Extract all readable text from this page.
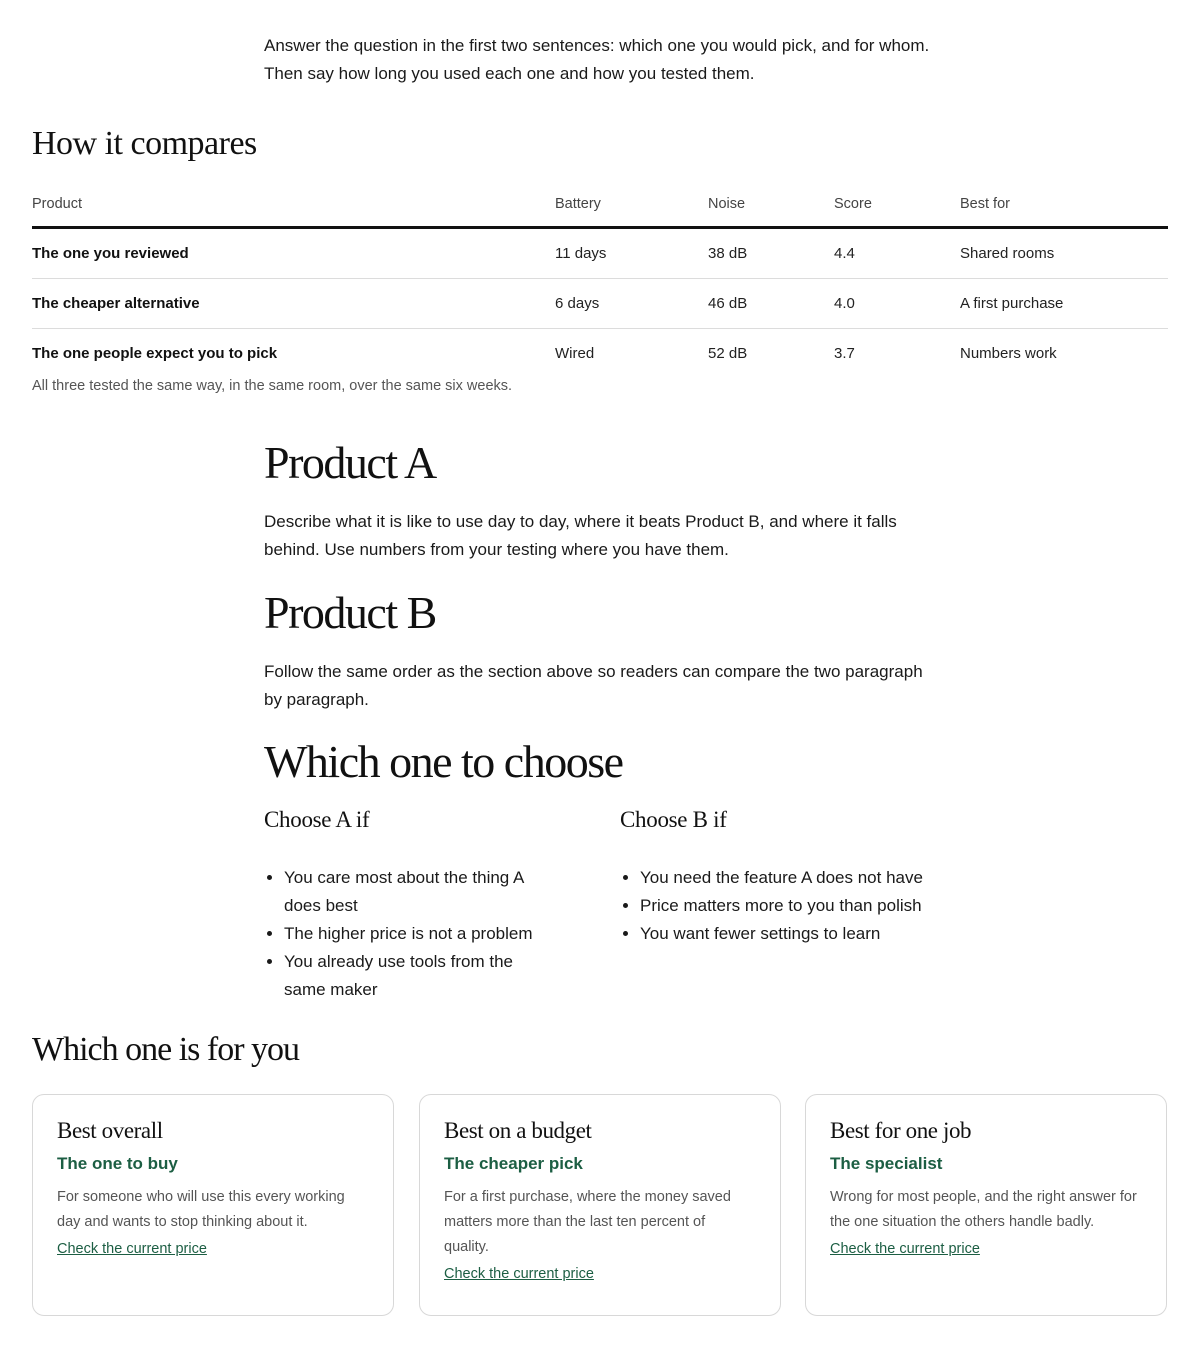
Answer the question in the first two sentences: which one you would pick, and for whom. Then say how long you used each one and how you tested them.

How it compares
Product	Battery	Noise	Score	Best for
The one you reviewed	11 days	38 dB	4.4	Shared rooms
The cheaper alternative	6 days	46 dB	4.0	A first purchase
The one people expect you to pick	Wired	52 dB	3.7	Numbers work

All three tested the same way, in the same room, over the same six weeks.

Product A

Describe what it is like to use day to day, where it beats Product B, and where it falls behind. Use numbers from your testing where you have them.

Product B

Follow the same order as the section above so readers can compare the two paragraph by paragraph.

Which one to choose
Choose A if
• You care most about the thing A does best
• The higher price is not a problem
• You already use tools from the same maker
Choose B if
• You need the feature A does not have
• Price matters more to you than polish
• You want fewer settings to learn
Which one is for you

Best overall

The one to buy

For someone who will use this every working day and wants to stop thinking about it.

Check the current price

Best on a budget

The cheaper pick

For a first purchase, where the money saved matters more than the last ten percent of quality.

Check the current price

Best for one job

The specialist

Wrong for most people, and the right answer for the one situation the others handle badly.

Check the current price
